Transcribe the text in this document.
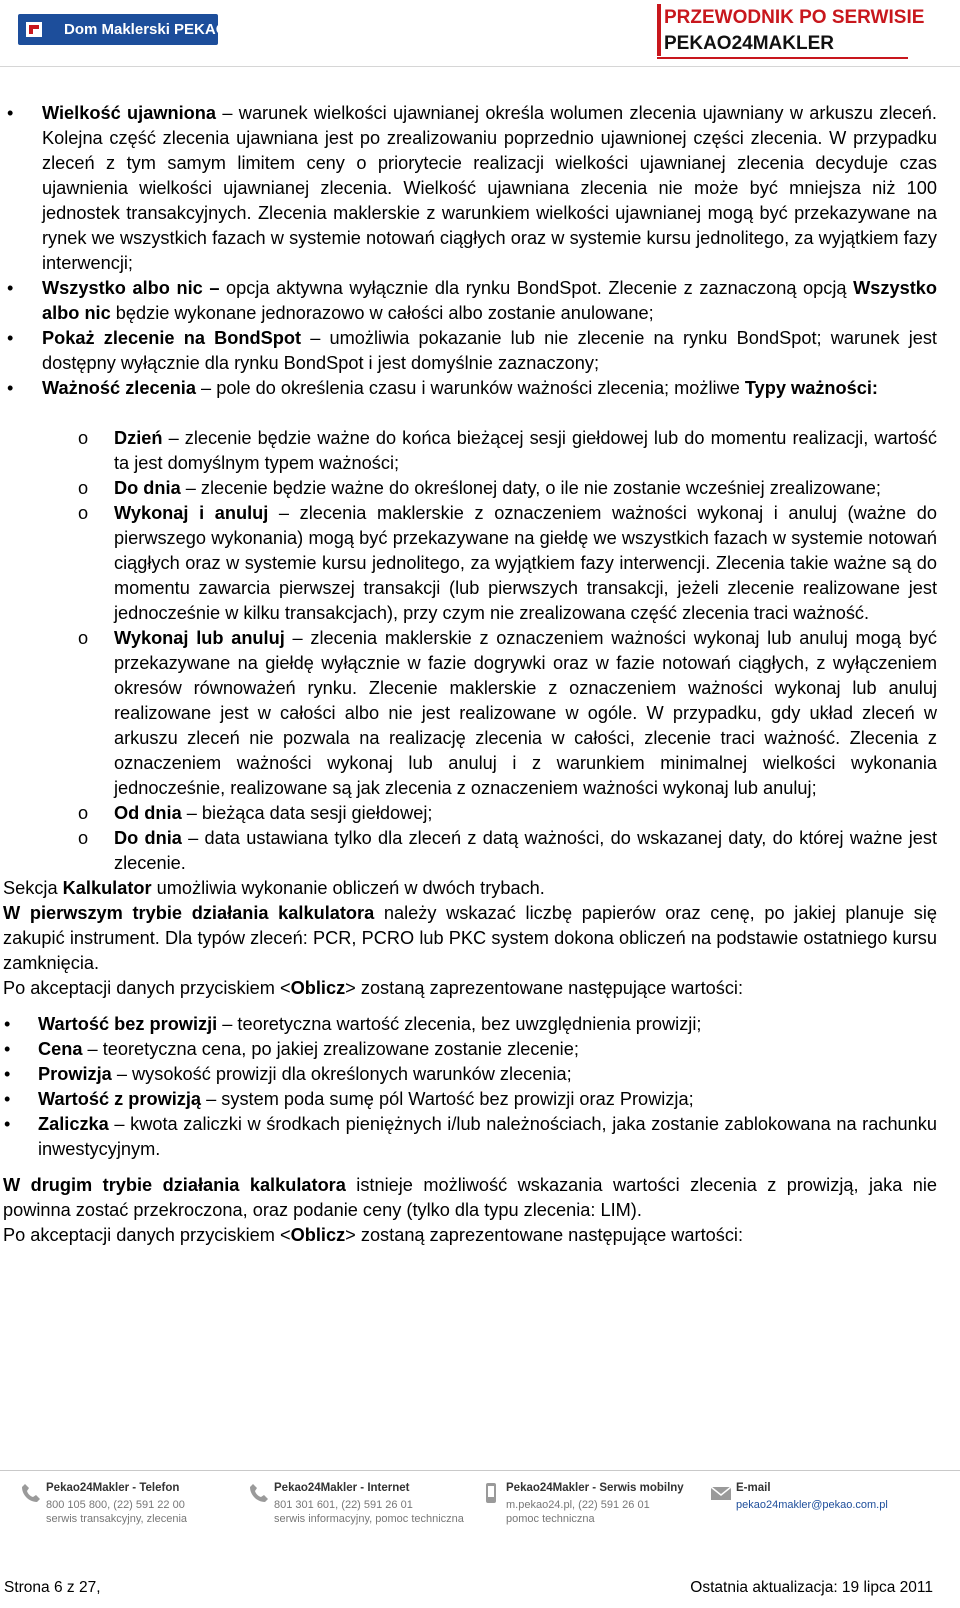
Dom Maklerski PEKAO
PRZEWODNIK PO SERWISIE
PEKAO24MAKLER
• Wielkość ujawniona – warunek wielkości ujawnianej określa wolumen zlecenia ujawniany w arkuszu zleceń. Kolejna część zlecenia ujawniana jest po zrealizowaniu poprzednio ujawnionej części zlecenia. W przypadku zleceń z tym samym limitem ceny o priorytecie realizacji wielkości ujawnianej zlecenia decyduje czas ujawnienia wielkości ujawnianej zlecenia. Wielkość ujawniana zlecenia nie może być mniejsza niż 100 jednostek transakcyjnych. Zlecenia maklerskie z warunkiem wielkości ujawnianej mogą być przekazywane na rynek we wszystkich fazach w systemie notowań ciągłych oraz w systemie kursu jednolitego, za wyjątkiem fazy interwencji;
• Wszystko albo nic – opcja aktywna wyłącznie dla rynku BondSpot. Zlecenie z zaznaczoną opcją Wszystko albo nic będzie wykonane jednorazowo w całości albo zostanie anulowane;
• Pokaż zlecenie na BondSpot – umożliwia pokazanie lub nie zlecenie na rynku BondSpot; warunek jest dostępny wyłącznie dla rynku BondSpot i jest domyślnie zaznaczony;
• Ważność zlecenia – pole do określenia czasu i warunków ważności zlecenia; możliwe Typy ważności:
o Dzień – zlecenie będzie ważne do końca bieżącej sesji giełdowej lub do momentu realizacji, wartość ta jest domyślnym typem ważności;
o Do dnia – zlecenie będzie ważne do określonej daty, o ile nie zostanie wcześniej zrealizowane;
o Wykonaj i anuluj – zlecenia maklerskie z oznaczeniem ważności wykonaj i anuluj (ważne do pierwszego wykonania) mogą być przekazywane na giełdę we wszystkich fazach w systemie notowań ciągłych oraz w systemie kursu jednolitego, za wyjątkiem fazy interwencji. Zlecenia takie ważne są do momentu zawarcia pierwszej transakcji (lub pierwszych transakcji, jeżeli zlecenie realizowane jest jednocześnie w kilku transakcjach), przy czym nie zrealizowana część zlecenia traci ważność.
o Wykonaj lub anuluj – zlecenia maklerskie z oznaczeniem ważności wykonaj lub anuluj mogą być przekazywane na giełdę wyłącznie w fazie dogrywki oraz w fazie notowań ciągłych, z wyłączeniem okresów równoważeń rynku. Zlecenie maklerskie z oznaczeniem ważności wykonaj lub anuluj realizowane jest w całości albo nie jest realizowane w ogóle. W przypadku, gdy układ zleceń w arkuszu zleceń nie pozwala na realizację zlecenia w całości, zlecenie traci ważność. Zlecenia z oznaczeniem ważności wykonaj lub anuluj i z warunkiem minimalnej wielkości wykonania jednocześnie, realizowane są jak zlecenia z oznaczeniem ważności wykonaj lub anuluj;
o Od dnia – bieżąca data sesji giełdowej;
o Do dnia – data ustawiana tylko dla zleceń z datą ważności, do wskazanej daty, do której ważne jest zlecenie.

Sekcja Kalkulator umożliwia wykonanie obliczeń w dwóch trybach.

W pierwszym trybie działania kalkulatora należy wskazać liczbę papierów oraz cenę, po jakiej planuje się zakupić instrument. Dla typów zleceń: PCR, PCRO lub PKC system dokona obliczeń na podstawie ostatniego kursu zamknięcia.

Po akceptacji danych przyciskiem <Oblicz> zostaną zaprezentowane następujące wartości:

• Wartość bez prowizji – teoretyczna wartość zlecenia, bez uwzględnienia prowizji;
• Cena – teoretyczna cena, po jakiej zrealizowane zostanie zlecenie;
• Prowizja – wysokość prowizji dla określonych warunków zlecenia;
• Wartość z prowizją – system poda sumę pól Wartość bez prowizji oraz Prowizja;
• Zaliczka – kwota zaliczki w środkach pieniężnych i/lub należnościach, jaka zostanie zablokowana na rachunku inwestycyjnym.

W drugim trybie działania kalkulatora istnieje możliwość wskazania wartości zlecenia z prowizją, jaka nie powinna zostać przekroczona, oraz podanie ceny (tylko dla typu zlecenia: LIM).

Po akceptacji danych przyciskiem <Oblicz> zostaną zaprezentowane następujące wartości:

Pekao24Makler - Telefon
800 105 800, (22) 591 22 00
serwis transakcyjny, zlecenia
Pekao24Makler - Internet
801 301 601, (22) 591 26 01
serwis informacyjny, pomoc techniczna
Pekao24Makler - Serwis mobilny
m.pekao24.pl, (22) 591 26 01
pomoc techniczna
E-mail
pekao24makler@pekao.com.pl
Strona 6 z 27,	Ostatnia aktualizacja: 19 lipca 2011
